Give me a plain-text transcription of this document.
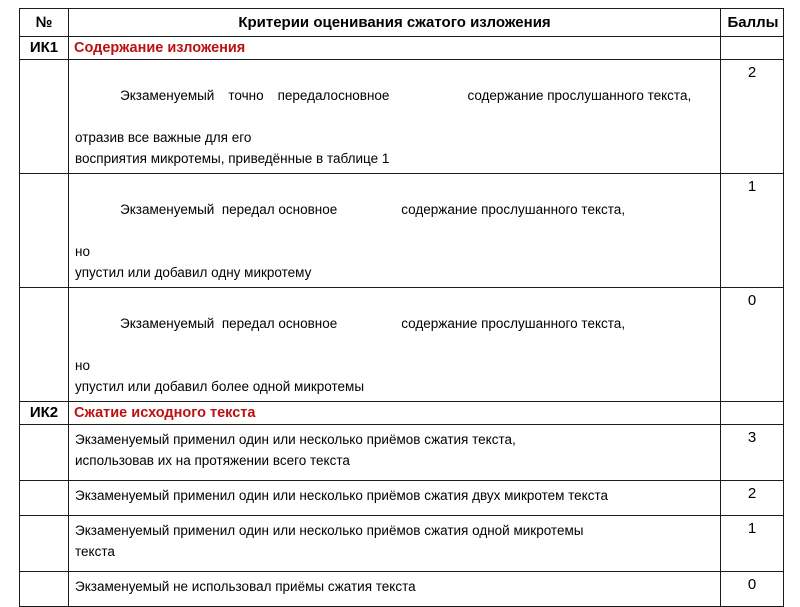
№	Критерии оценивания сжатого изложения	Баллы
ИК1	Содержание изложения	

Экзаменуемый точно передалосновное содержание прослушанного текста,

отразив все важные для его
восприятия микротемы, приведённые в таблице 1	2

Экзаменуемый  передал основное содержание прослушанного текста,

но
упустил или добавил одну микротему	1

Экзаменуемый  передал основное содержание прослушанного текста,

но
упустил или добавил более одной микротемы	0
ИК2	Сжатие исходного текста	

	Экзаменуемый применил один или несколько приёмов сжатия текста,
использовав их на протяжении всего текста	3

	Экзаменуемый применил один или несколько приёмов сжатия двух микротем текста	2

	Экзаменуемый применил один или несколько приёмов сжатия одной микротемы
текста	1

	Экзаменуемый не использовал приёмы сжатия текста	0
